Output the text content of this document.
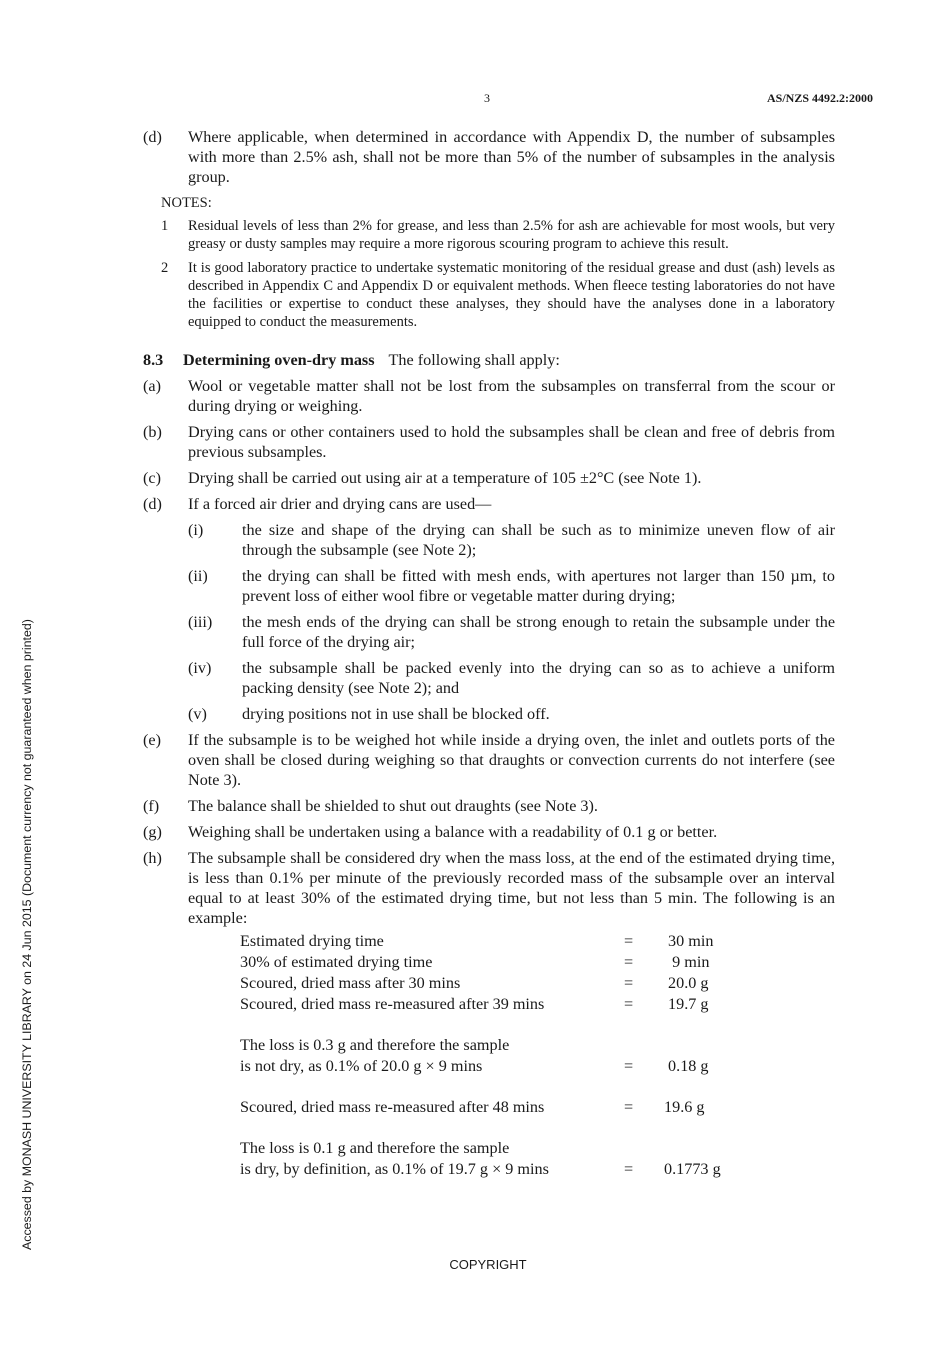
3	AS/NZS 4492.2:2000
Accessed by MONASH UNIVERSITY LIBRARY on 24 Jun 2015 (Document currency not guaranteed when printed)
(d)	Where applicable, when determined in accordance with Appendix D, the number of subsamples with more than 2.5% ash, shall not be more than 5% of the number of subsamples in the analysis group.
NOTES:
1	Residual levels of less than 2% for grease, and less than 2.5% for ash are achievable for most wools, but very greasy or dusty samples may require a more rigorous scouring program to achieve this result.
2	It is good laboratory practice to undertake systematic monitoring of the residual grease and dust (ash) levels as described in Appendix C and Appendix D or equivalent methods. When fleece testing laboratories do not have the facilities or expertise to conduct these analyses, they should have the analyses done in a laboratory equipped to conduct the measurements.
8.3 Determining oven-dry mass The following shall apply:
(a)	Wool or vegetable matter shall not be lost from the subsamples on transferral from the scour or during drying or weighing.
(b)	Drying cans or other containers used to hold the subsamples shall be clean and free of debris from previous subsamples.
(c)	Drying shall be carried out using air at a temperature of 105 ±2°C (see Note 1).
(d)	If a forced air drier and drying cans are used—
(i)	the size and shape of the drying can shall be such as to minimize uneven flow of air through the subsample (see Note 2);
(ii)	the drying can shall be fitted with mesh ends, with apertures not larger than 150 µm, to prevent loss of either wool fibre or vegetable matter during drying;
(iii)	the mesh ends of the drying can shall be strong enough to retain the subsample under the full force of the drying air;
(iv)	the subsample shall be packed evenly into the drying can so as to achieve a uniform packing density (see Note 2); and
(v)	drying positions not in use shall be blocked off.
(e)	If the subsample is to be weighed hot while inside a drying oven, the inlet and outlets ports of the oven shall be closed during weighing so that draughts or convection currents do not interfere (see Note 3).
(f)	The balance shall be shielded to shut out draughts (see Note 3).
(g)	Weighing shall be undertaken using a balance with a readability of 0.1 g or better.
(h)	The subsample shall be considered dry when the mass loss, at the end of the estimated drying time, is less than 0.1% per minute of the previously recorded mass of the subsample over an interval equal to at least 30% of the estimated drying time, but not less than 5 min. The following is an example:
Estimated drying time	=	30 min
30% of estimated drying time	=	9 min
Scoured, dried mass after 30 mins	=	20.0 g
Scoured, dried mass re-measured after 39 mins	=	19.7 g
The loss is 0.3 g and therefore the sample
is not dry, as 0.1% of 20.0 g × 9 mins	=	0.18 g
Scoured, dried mass re-measured after 48 mins	=	19.6 g
The loss is 0.1 g and therefore the sample
is dry, by definition, as 0.1% of 19.7 g × 9 mins	=	0.1773 g
COPYRIGHT
